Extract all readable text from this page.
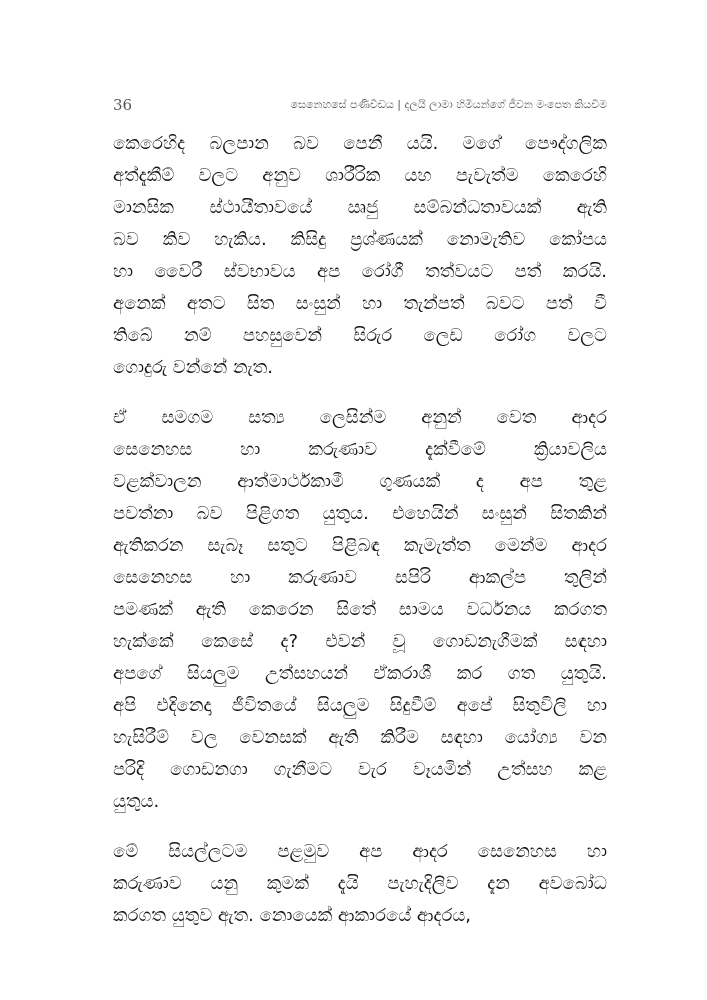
36	සෙනෙහසේ පණිවිඩය | දලයි ලාමා හිමියන්ගේ ජීවන මංපෙත කියවීම
කෙරෙහිද බලපාන බව පෙනී යයි. මගේ පෞද්ගලික
අත්දැකීම් වලට අනුව ශාරීරික යහ පැවැත්ම කෙරෙහි
මානසික ස්ථායීතාවයේ ඍජු සම්බන්ධතාවයක් ඇති
බව කිව හැකිය. කිසිදු ප්‍රශ්ණයක් නොමැතිව කෝපය
හා වෛරී ස්වභාවය අප රෝගී තත්වයට පත් කරයි.
අනෙක් අතට සිත සංසුන් හා තැන්පත් බවට පත් වී
තිබේ නම් පහසුවෙන් සිරුර ලෙඩ රෝග වලට
ගොදුරු වන්නේ නැත.
ඒ සමගම සත්‍ය ලෙසින්ම අනුන් වෙත ආදර
සෙනෙහස හා කරුණාව දැක්වීමේ ක්‍රියාවලිය
වළක්වාලන ආත්මාර්ථකාමී ගුණයක් ද අප තුළ
පවත්නා බව පිළිගත යුතුය. එහෙයින් සංසුන් සිතකින්
ඇතිකරන සැබෑ සතුට පිළිබඳ කැමැත්ත මෙන්ම ආදර
සෙනෙහස හා කරුණාව සපිරි ආකල්ප තුලින්
පමණක් ඇති කෙරෙන සිතේ සාමය වර්ධනය කරගත
හැක්කේ කෙසේ ද? එවන් වූ ගොඩනැගීමක් සඳහා
අපගේ සියලුම උත්සහයන් ඒකරාශී කර ගත යුතුයි.
අපි එදිනෙදා ජීවිතයේ සියලුම සිදුවීම් අපේ සිතුවිලි හා
හැසිරීම් වල වෙනසක් ඇති කිරීම සඳහා යෝග්‍ය වන
පරිදි ගොඩනගා ගැනීමට වැර වෑයමින් උත්සහ කළ
යුතුය.
මේ සියල්ලටම පළමුව අප ආදර සෙනෙහස හා
කරුණාව යනු කුමක් දැයි පැහැදිලිව දැන අවබෝධ
කරගත යුතුව ඇත. නොයෙක් ආකාරයේ ආදරය,
